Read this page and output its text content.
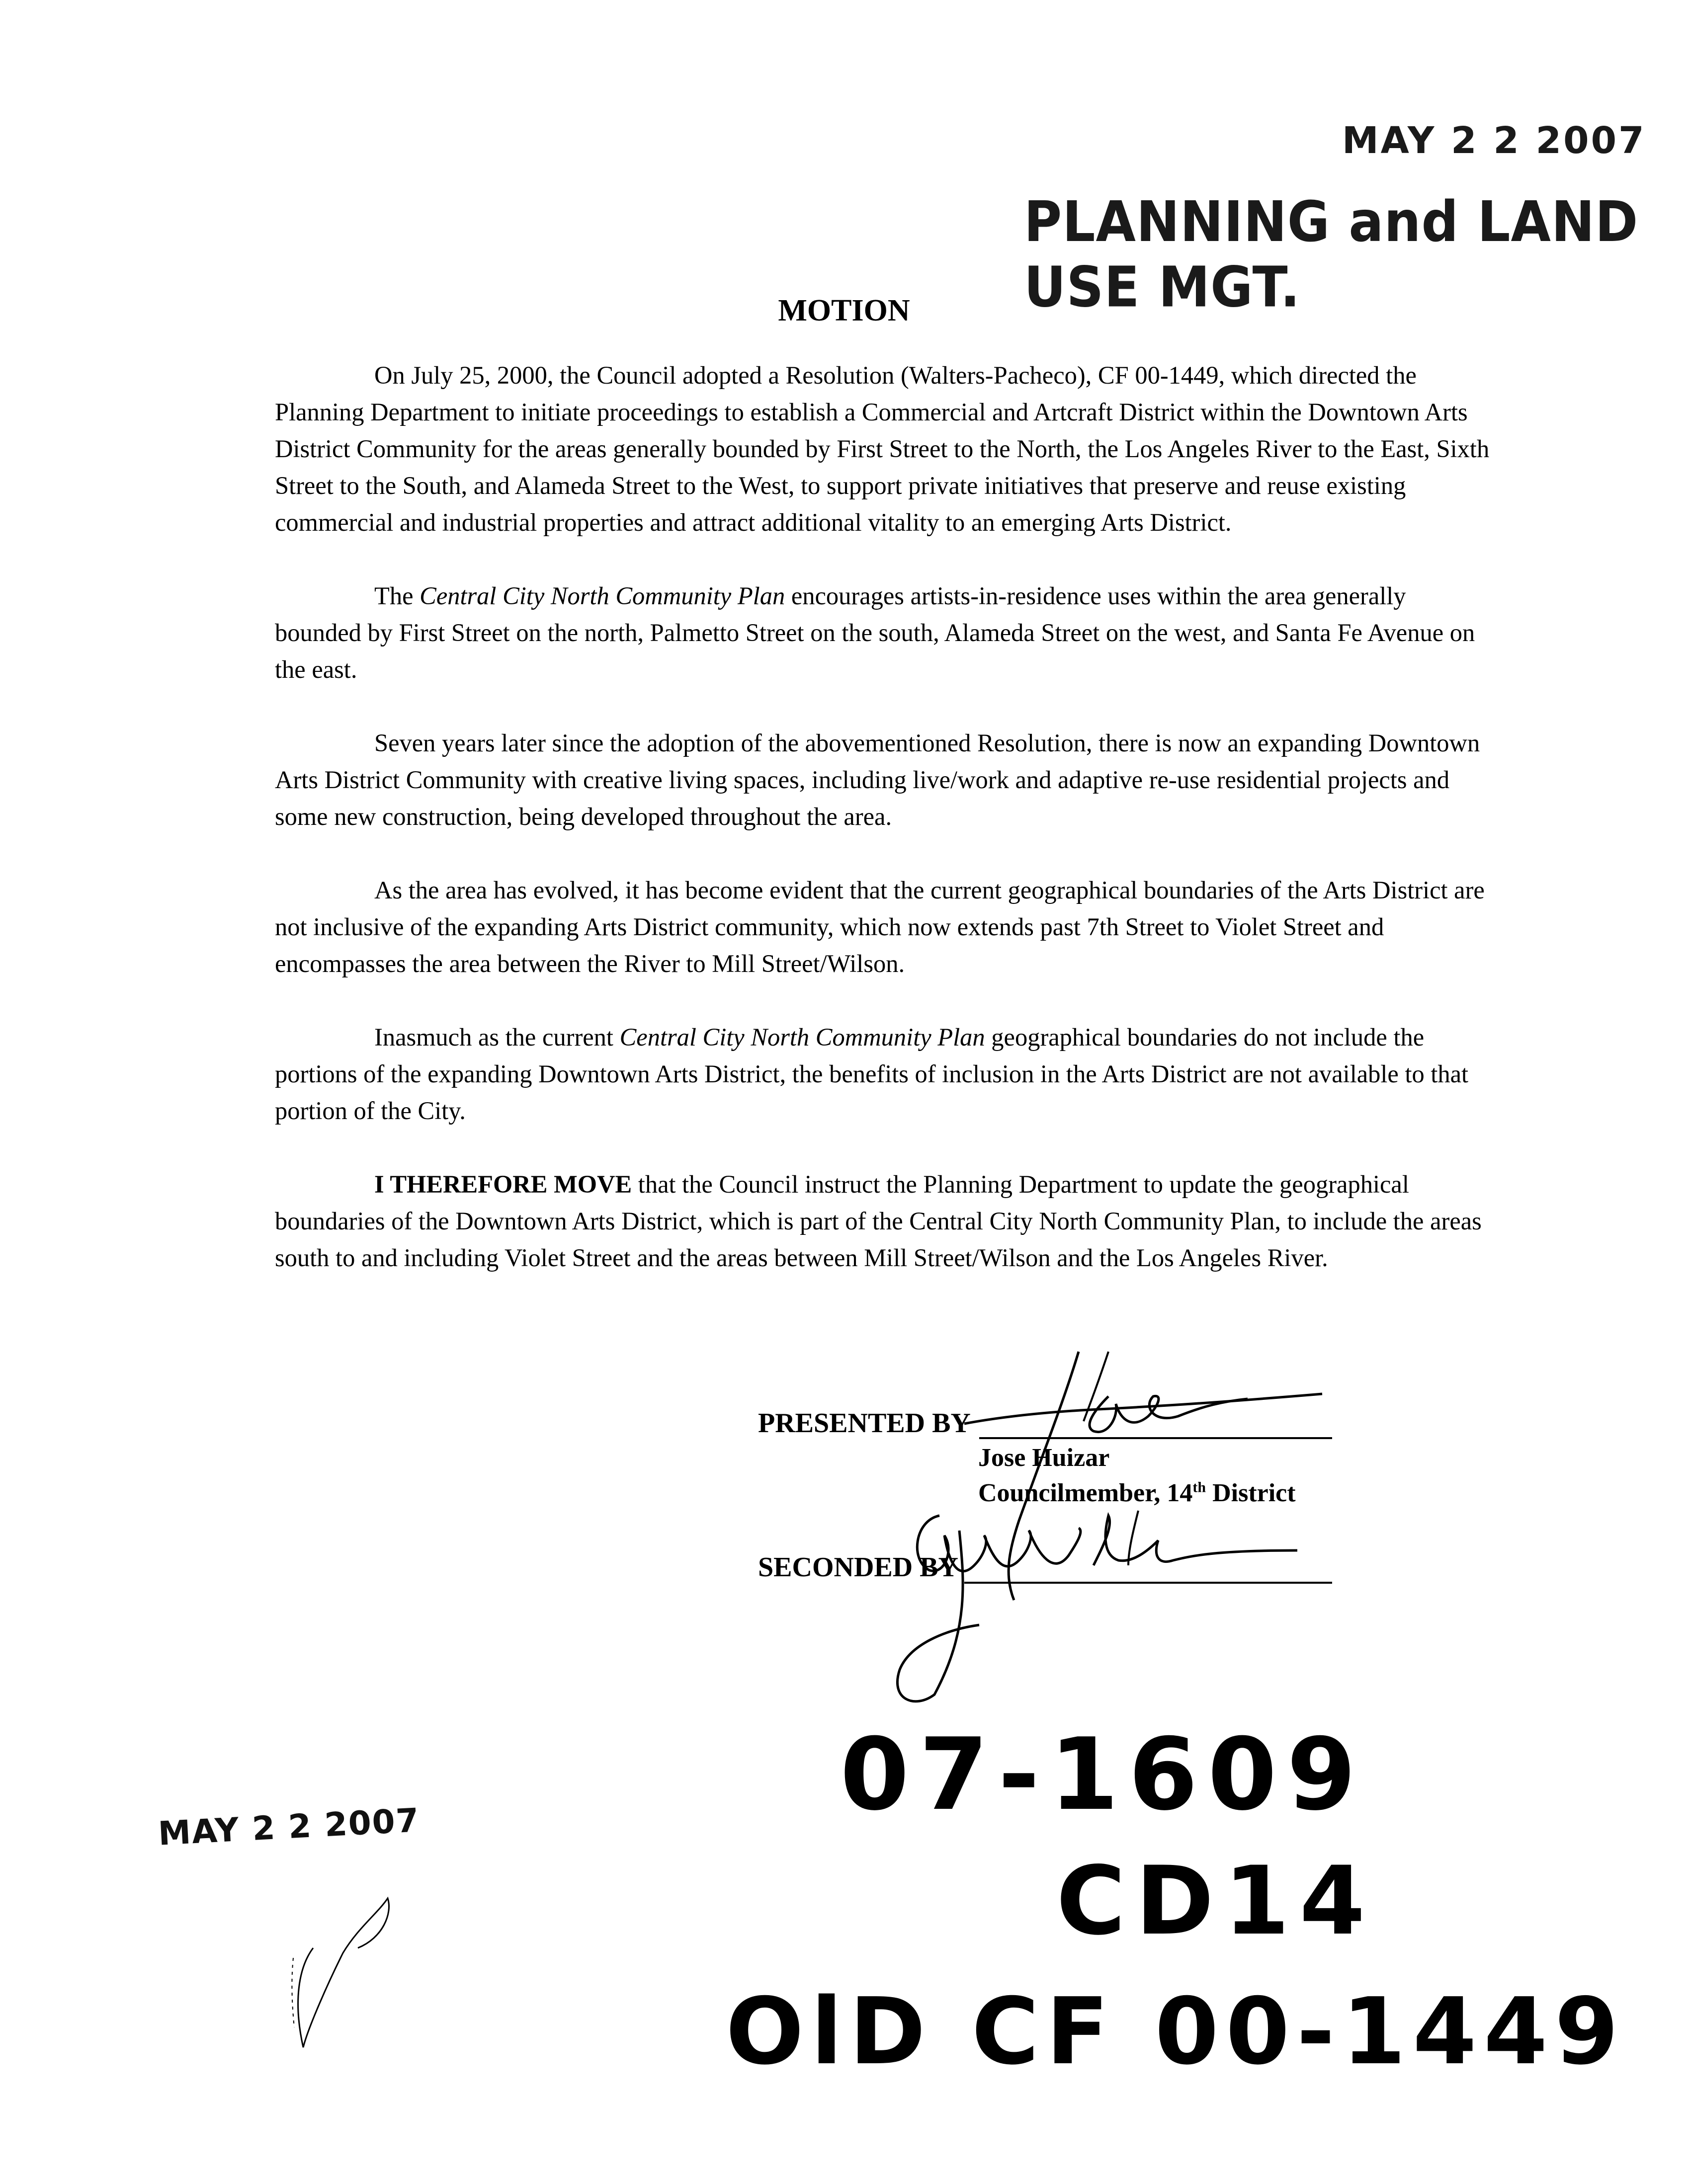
MAY 2 2 2007
PLANNING and LAND USE MGT.
MOTION

On July 25, 2000, the Council adopted a Resolution (Walters-Pacheco), CF 00-1449, which directed the Planning Department to initiate proceedings to establish a Commercial and Artcraft District within the Downtown Arts District Community for the areas generally bounded by First Street to the North, the Los Angeles River to the East, Sixth Street to the South, and Alameda Street to the West, to support private initiatives that preserve and reuse existing commercial and industrial properties and attract additional vitality to an emerging Arts District.

The Central City North Community Plan encourages artists-in-residence uses within the area generally bounded by First Street on the north, Palmetto Street on the south, Alameda Street on the west, and Santa Fe Avenue on the east.

Seven years later since the adoption of the abovementioned Resolution, there is now an expanding Downtown Arts District Community with creative living spaces, including live/work and adaptive re-use residential projects and some new construction, being developed throughout the area.

As the area has evolved, it has become evident that the current geographical boundaries of the Arts District are not inclusive of the expanding Arts District community, which now extends past 7th Street to Violet Street and encompasses the area between the River to Mill Street/Wilson.

Inasmuch as the current Central City North Community Plan geographical boundaries do not include the portions of the expanding Downtown Arts District, the benefits of inclusion in the Arts District are not available to that portion of the City.

I THEREFORE MOVE that the Council instruct the Planning Department to update the geographical boundaries of the Downtown Arts District, which is part of the Central City North Community Plan, to include the areas south to and including Violet Street and the areas between Mill Street/Wilson and the Los Angeles River.

PRESENTED BY
Jose Huizar
Councilmember, 14th District
SECONDED BY
07-1609
CD14
OlD CF 00-1449
MAY 2 2 2007
